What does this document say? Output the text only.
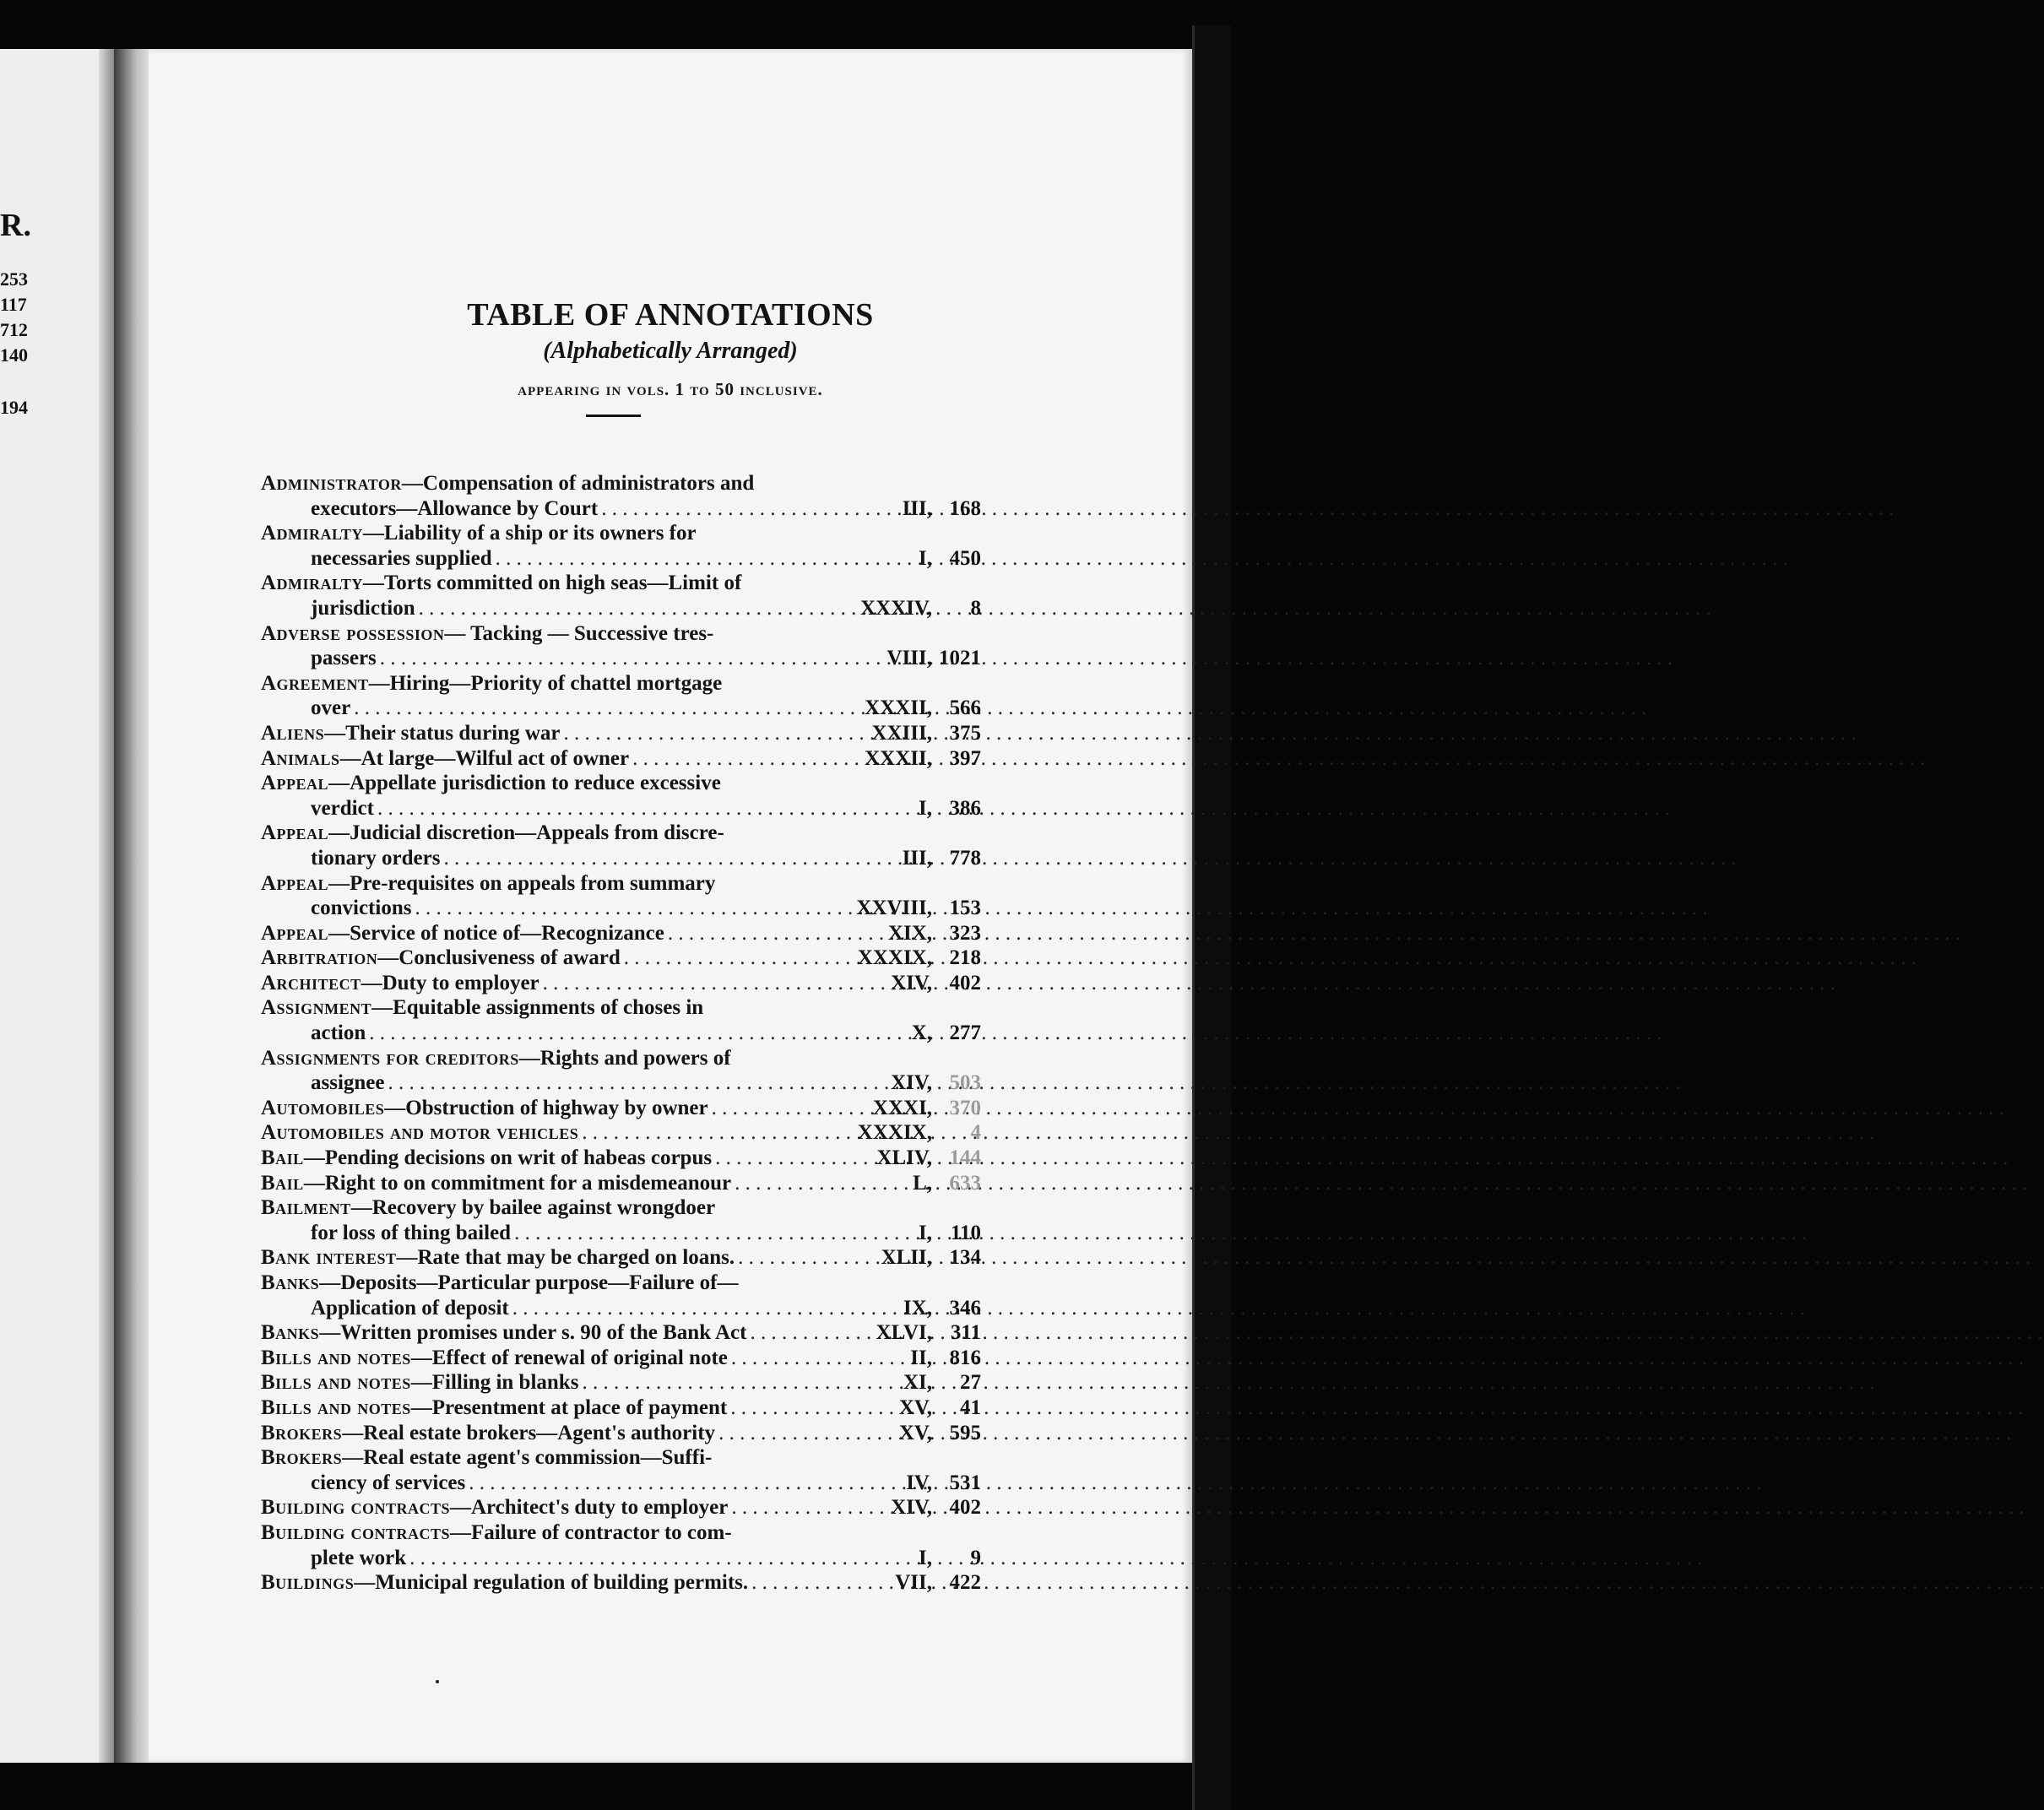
R.
253
117
712
140
194
TABLE OF ANNOTATIONS
(Alphabetically Arranged)
appearing in vols. 1 to 50 inclusive.
Administrator —Compensation of administrators and
executors—Allowance by Court . . .	III, 168
Admiralty —Liability of a ship or its owners for
necessaries supplied . . .	I, 450
Admiralty —Torts committed on high seas—Limit of
jurisdiction . . .	XXXIV, 8
Adverse possession — Tacking — Successive tres-
passers . . .	VIII, 1021
Agreement —Hiring—Priority of chattel mortgage
over . . .	XXXII, 566
Aliens —Their status during war . . .	XXIII, 375
Animals —At large—Wilful act of owner . . .	XXXII, 397
Appeal —Appellate jurisdiction to reduce excessive
verdict . . .	I, 386
Appeal —Judicial discretion—Appeals from discre-
tionary orders . . .	III, 778
Appeal —Pre-requisites on appeals from summary
convictions . . .	XXVIII, 153
Appeal —Service of notice of—Recognizance . . .	XIX, 323
Arbitration —Conclusiveness of award . . .	XXXIX, 218
Architect —Duty to employer . . .	XIV, 402
Assignment —Equitable assignments of choses in
action . . .	X, 277
Assignments for creditors —Rights and powers of
assignee . . .	XIV, 503
Automobiles —Obstruction of highway by owner . . .	XXXI, 370
Automobiles and motor vehicles . . .	XXXIX, 4
Bail —Pending decisions on writ of habeas corpus . . .	XLIV, 144
Bail —Right to on commitment for a misdemeanour . . .	L, 633
Bailment —Recovery by bailee against wrongdoer
for loss of thing bailed . . .	I, 110
Bank interest —Rate that may be charged on loans. . . .	XLII, 134
Banks —Deposits—Particular purpose—Failure of—
Application of deposit . . .	IX, 346
Banks —Written promises under s. 90 of the Bank Act . . .	XLVI, 311
Bills and notes —Effect of renewal of original note . . .	II, 816
Bills and notes —Filling in blanks . . .	XI, 27
Bills and notes —Presentment at place of payment . . .	XV, 41
Brokers —Real estate brokers—Agent's authority . . .	XV, 595
Brokers —Real estate agent's commission—Suffi-
ciency of services . . .	IV, 531
Building contracts —Architect's duty to employer . . .	XIV, 402
Building contracts —Failure of contractor to com-
plete work . . .	I, 9
Buildings —Municipal regulation of building permits. . . .	VII, 422
